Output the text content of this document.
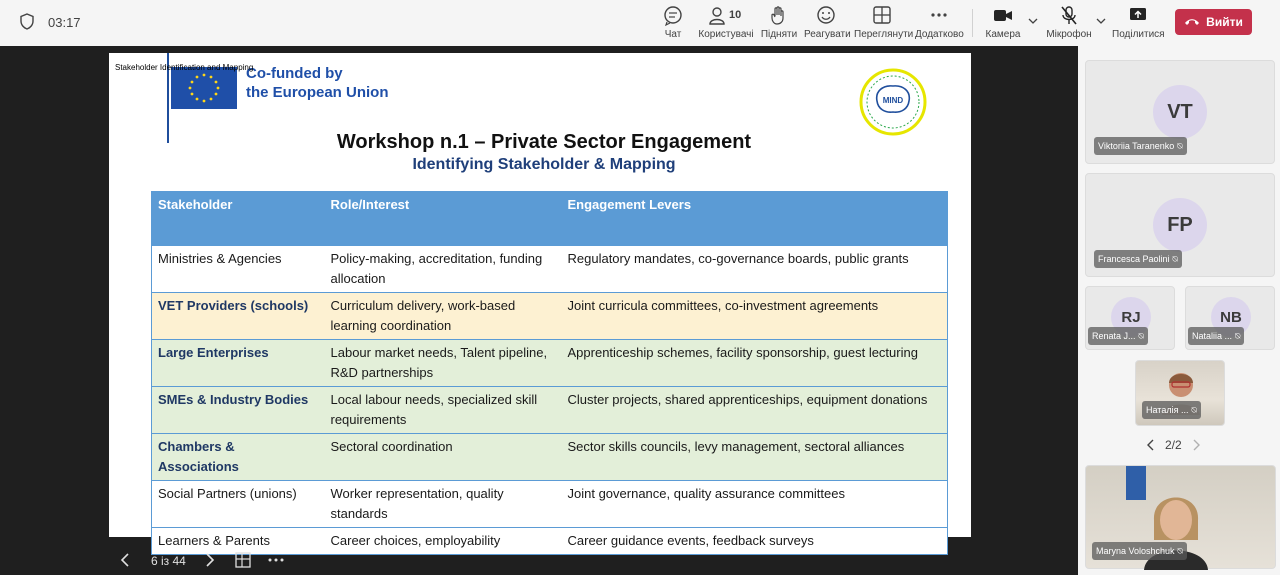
03:17
Чат
10
Користувачі Підняти Реагувати Переглянути Додатково Камера	Мікрофон Поділитися
Вийти
Co-funded by
the European Union
Stakeholder Identification and Mapping
MIND
Workshop n.1 – Private Sector Engagement
Identifying Stakeholder & Mapping
Stakeholder	Role/Interest	Engagement Levers
Ministries & Agencies	Policy-making, accreditation, funding allocation	Regulatory mandates, co-governance boards, public grants
VET Providers (schools)	Curriculum delivery, work-based learning coordination	Joint curricula committees, co-investment agreements
Large Enterprises	Labour market needs, Talent pipeline, R&D partnerships	Apprenticeship schemes, facility sponsorship, guest lecturing
SMEs & Industry Bodies	Local labour needs, specialized skill requirements	Cluster projects, shared apprenticeships, equipment donations
Chambers & Associations	Sectoral coordination	Sector skills councils, levy management, sectoral alliances
Social Partners (unions)	Worker representation, quality standards	Joint governance, quality assurance committees
Learners & Parents	Career choices, employability	Career guidance events, feedback surveys
6 із 44
VT
Viktoriia Taranenko ⍉
FP
Francesca Paolini ⍉
RJ
Renata J... ⍉
NB
Nataliia ... ⍉
Наталія ... ⍉
2/2
Maryna Voloshchuk ⍉
